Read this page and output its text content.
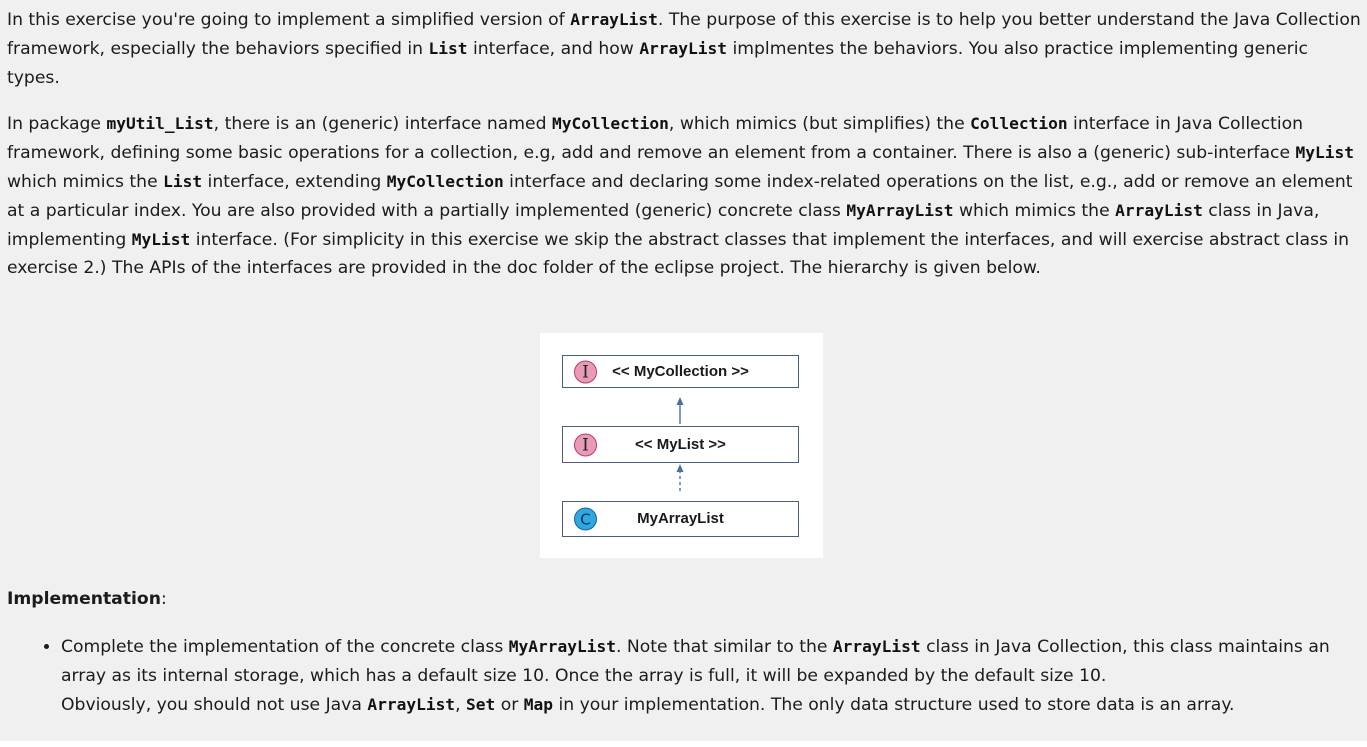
In this exercise you're going to implement a simplified version of ArrayList. The purpose of this exercise is to help you better understand the Java Collection framework, especially the behaviors specified in List interface, and how ArrayList implmentes the behaviors. You also practice implementing generic types.

In package myUtil_List, there is an (generic) interface named MyCollection, which mimics (but simplifies) the Collection interface in Java Collection framework, defining some basic operations for a collection, e.g, add and remove an element from a container. There is also a (generic) sub-interface MyList which mimics the List interface, extending MyCollection interface and declaring some index-related operations on the list, e.g., add or remove an element at a particular index. You are also provided with a partially implemented (generic) concrete class MyArrayList which mimics the ArrayList class in Java, implementing MyList interface. (For simplicity in this exercise we skip the abstract classes that implement the interfaces, and will exercise abstract class in exercise 2.) The APIs of the interfaces are provided in the doc folder of the eclipse project. The hierarchy is given below.

I	<< MyCollection >>
I	<< MyList >>
C	MyArrayList
Implementation:
• Complete the implementation of the concrete class MyArrayList. Note that similar to the ArrayList class in Java Collection, this class maintains an array as its internal storage, which has a default size 10. Once the array is full, it will be expanded by the default size 10.
Obviously, you should not use Java ArrayList, Set or Map in your implementation. The only data structure used to store data is an array.
